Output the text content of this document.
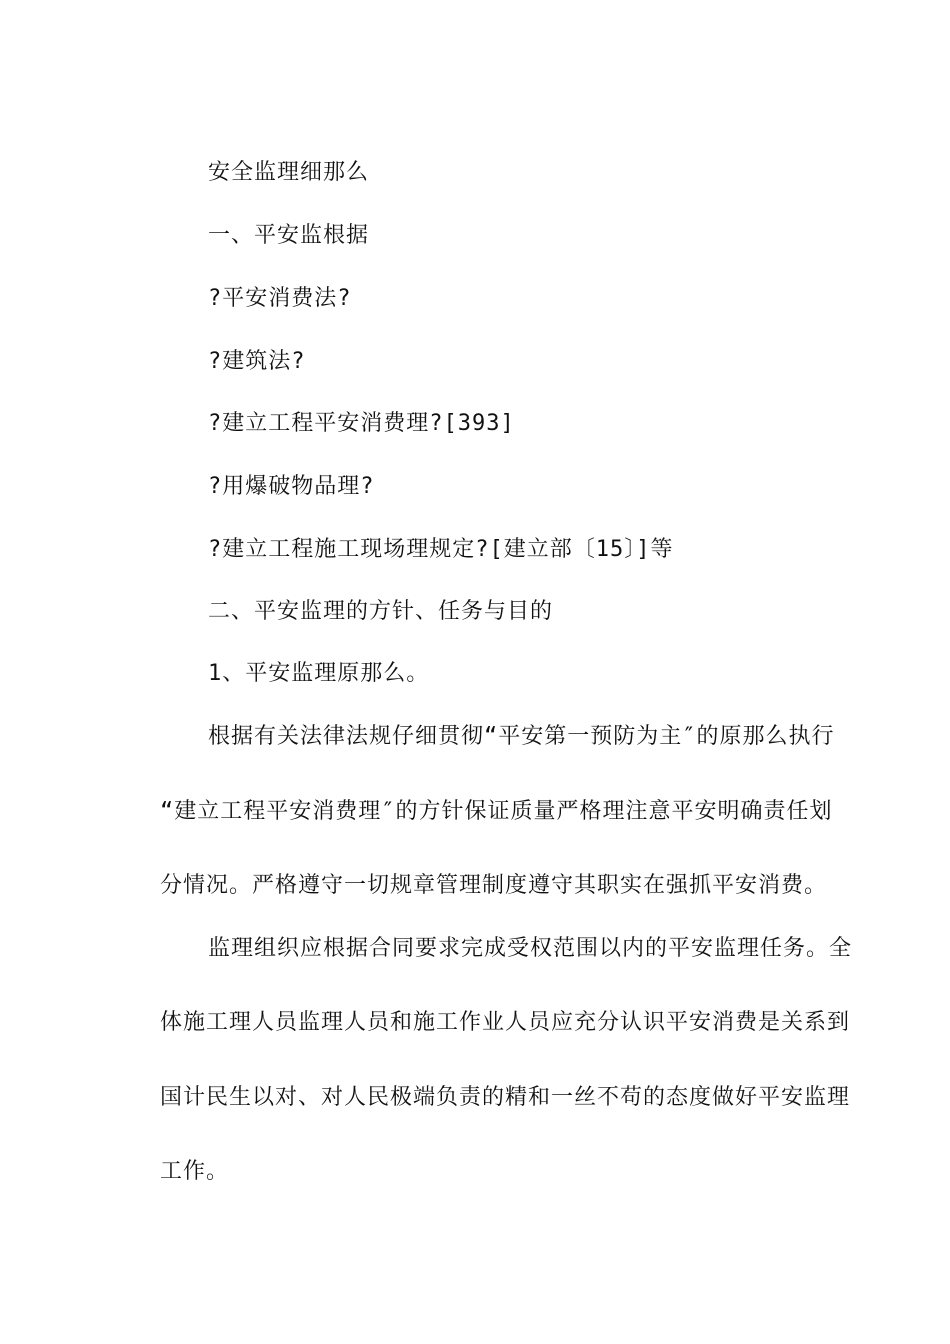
安全监理细那么
一、平安监根据
?平安消费法?
?建筑法?
?建立工程平安消费理?[393]
?用爆破物品理?
?建立工程施工现场理规定?[建立部〔15〕]等
二、平安监理的方针、任务与目的
1、平安监理原那么。
根据有关法律法规仔细贯彻“平安第一预防为主″的原那么执行
“建立工程平安消费理″的方针保证质量严格理注意平安明确责任划
分情况。严格遵守一切规章管理制度遵守其职实在强抓平安消费。
监理组织应根据合同要求完成受权范围以内的平安监理任务。全
体施工理人员监理人员和施工作业人员应充分认识平安消费是关系到
国计民生以对、对人民极端负责的精和一丝不苟的态度做好平安监理
工作。
